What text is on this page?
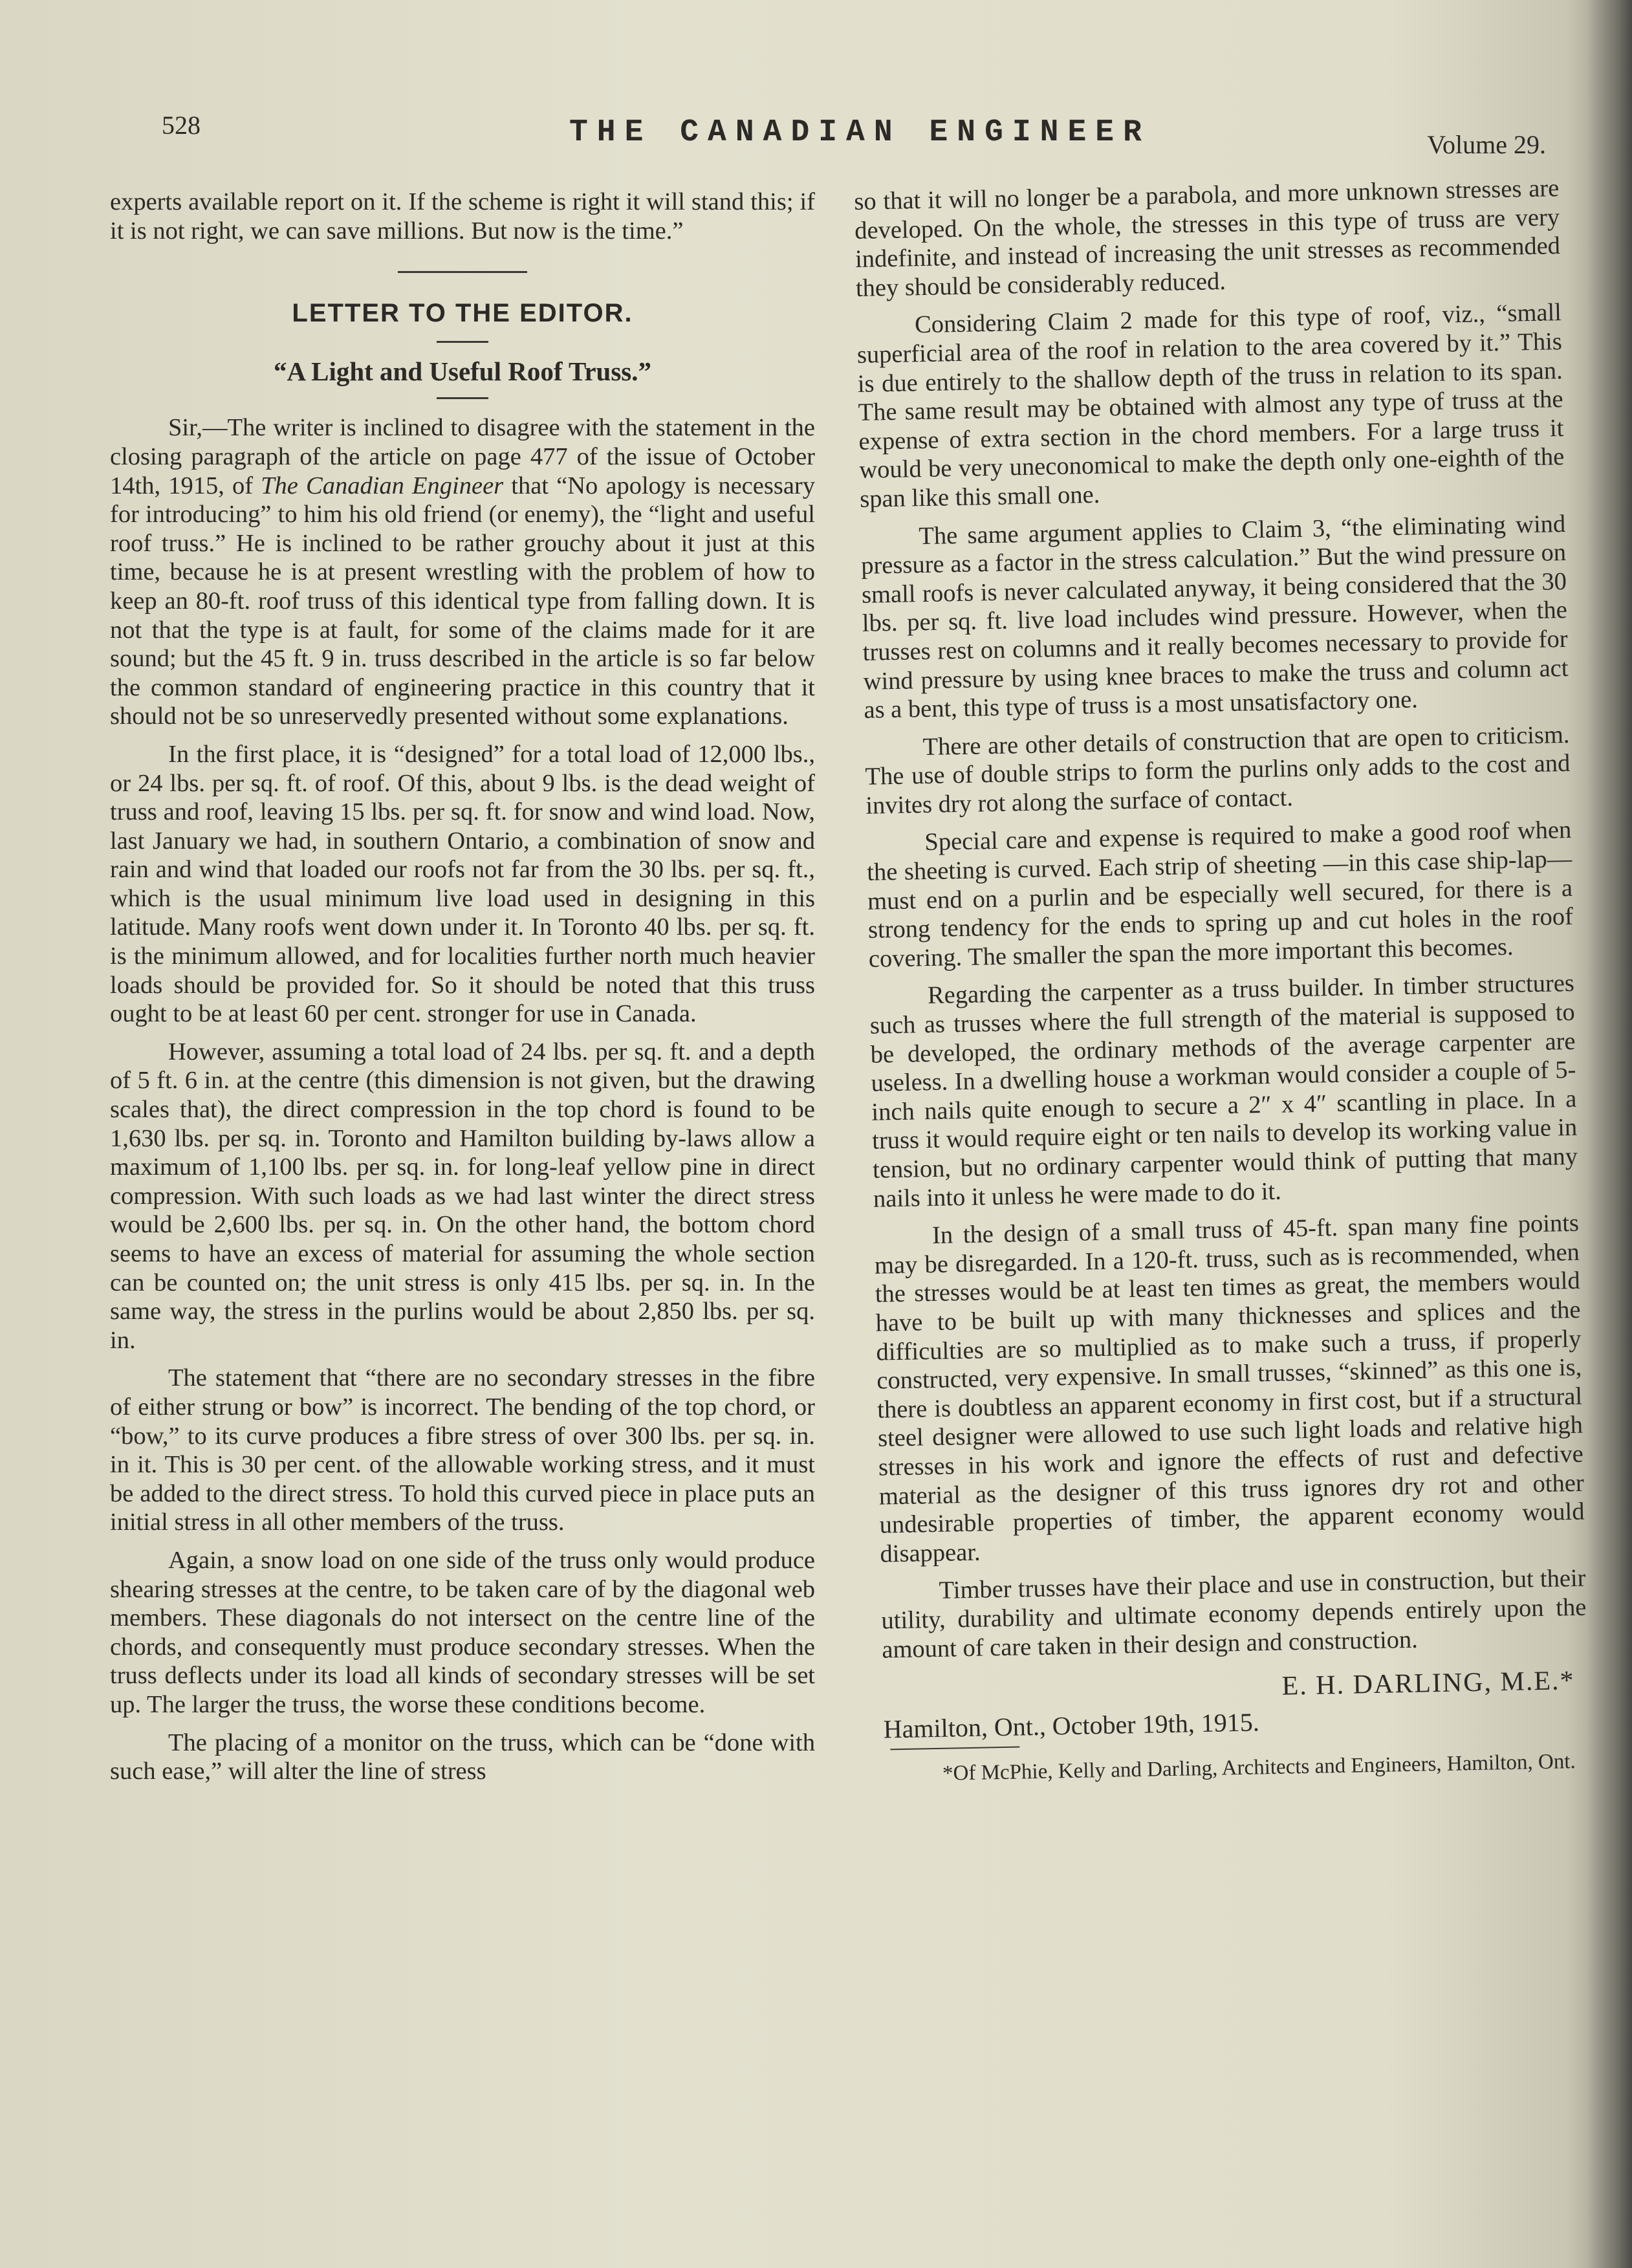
528	THE CANADIAN ENGINEER	Volume 29.

experts available report on it. If the scheme is right it will stand this; if it is not right, we can save millions. But now is the time.”

LETTER TO THE EDITOR.
“A Light and Useful Roof Truss.”

Sir,—The writer is inclined to disagree with the statement in the closing paragraph of the article on page 477 of the issue of October 14th, 1915, of The Canadian Engineer that “No apology is necessary for introducing” to him his old friend (or enemy), the “light and useful roof truss.” He is inclined to be rather grouchy about it just at this time, because he is at present wrestling with the problem of how to keep an 80-ft. roof truss of this identical type from falling down. It is not that the type is at fault, for some of the claims made for it are sound; but the 45 ft. 9 in. truss described in the article is so far below the common standard of engineering practice in this country that it should not be so unreservedly presented without some explanations.

In the first place, it is “designed” for a total load of 12,000 lbs., or 24 lbs. per sq. ft. of roof. Of this, about 9 lbs. is the dead weight of truss and roof, leaving 15 lbs. per sq. ft. for snow and wind load. Now, last January we had, in southern Ontario, a combination of snow and rain and wind that loaded our roofs not far from the 30 lbs. per sq. ft., which is the usual minimum live load used in designing in this latitude. Many roofs went down under it. In Toronto 40 lbs. per sq. ft. is the minimum allowed, and for localities further north much heavier loads should be provided for. So it should be noted that this truss ought to be at least 60 per cent. stronger for use in Canada.

However, assuming a total load of 24 lbs. per sq. ft. and a depth of 5 ft. 6 in. at the centre (this dimension is not given, but the drawing scales that), the direct compression in the top chord is found to be 1,630 lbs. per sq. in. Toronto and Hamilton building by-laws allow a maximum of 1,100 lbs. per sq. in. for long-leaf yellow pine in direct compression. With such loads as we had last winter the direct stress would be 2,600 lbs. per sq. in. On the other hand, the bottom chord seems to have an excess of material for assuming the whole section can be counted on; the unit stress is only 415 lbs. per sq. in. In the same way, the stress in the purlins would be about 2,850 lbs. per sq. in.

The statement that “there are no secondary stresses in the fibre of either strung or bow” is incorrect. The bending of the top chord, or “bow,” to its curve produces a fibre stress of over 300 lbs. per sq. in. in it. This is 30 per cent. of the allowable working stress, and it must be added to the direct stress. To hold this curved piece in place puts an initial stress in all other members of the truss.

Again, a snow load on one side of the truss only would produce shearing stresses at the centre, to be taken care of by the diagonal web members. These diagonals do not intersect on the centre line of the chords, and consequently must produce secondary stresses. When the truss deflects under its load all kinds of secondary stresses will be set up. The larger the truss, the worse these conditions become.

The placing of a monitor on the truss, which can be “done with such ease,” will alter the line of stress

so that it will no longer be a parabola, and more unknown stresses are developed. On the whole, the stresses in this type of truss are very indefinite, and instead of increasing the unit stresses as recommended they should be considerably reduced.

Considering Claim 2 made for this type of roof, viz., “small superficial area of the roof in relation to the area covered by it.” This is due entirely to the shallow depth of the truss in relation to its span. The same result may be obtained with almost any type of truss at the expense of extra section in the chord members. For a large truss it would be very uneconomical to make the depth only one-eighth of the span like this small one.

The same argument applies to Claim 3, “the eliminating wind pressure as a factor in the stress calculation.” But the wind pressure on small roofs is never calculated anyway, it being considered that the 30 lbs. per sq. ft. live load includes wind pressure. However, when the trusses rest on columns and it really becomes necessary to provide for wind pressure by using knee braces to make the truss and column act as a bent, this type of truss is a most unsatisfactory one.

There are other details of construction that are open to criticism. The use of double strips to form the purlins only adds to the cost and invites dry rot along the surface of contact.

Special care and expense is required to make a good roof when the sheeting is curved. Each strip of sheeting —in this case ship-lap—must end on a purlin and be especially well secured, for there is a strong tendency for the ends to spring up and cut holes in the roof covering. The smaller the span the more important this becomes.

Regarding the carpenter as a truss builder. In timber structures such as trusses where the full strength of the material is supposed to be developed, the ordinary methods of the average carpenter are useless. In a dwelling house a workman would consider a couple of 5-inch nails quite enough to secure a 2″ x 4″ scantling in place. In a truss it would require eight or ten nails to develop its working value in tension, but no ordinary carpenter would think of putting that many nails into it unless he were made to do it.

In the design of a small truss of 45-ft. span many fine points may be disregarded. In a 120-ft. truss, such as is recommended, when the stresses would be at least ten times as great, the members would have to be built up with many thicknesses and splices and the difficulties are so multiplied as to make such a truss, if properly constructed, very expensive. In small trusses, “skinned” as this one is, there is doubtless an apparent economy in first cost, but if a structural steel designer were allowed to use such light loads and relative high stresses in his work and ignore the effects of rust and defective material as the designer of this truss ignores dry rot and other undesirable properties of timber, the apparent economy would disappear.

Timber trusses have their place and use in construction, but their utility, durability and ultimate economy depends entirely upon the amount of care taken in their design and construction.

E. H. DARLING, M.E.*
Hamilton, Ont., October 19th, 1915.

*Of McPhie, Kelly and Darling, Architects and Engineers, Hamilton, Ont.
